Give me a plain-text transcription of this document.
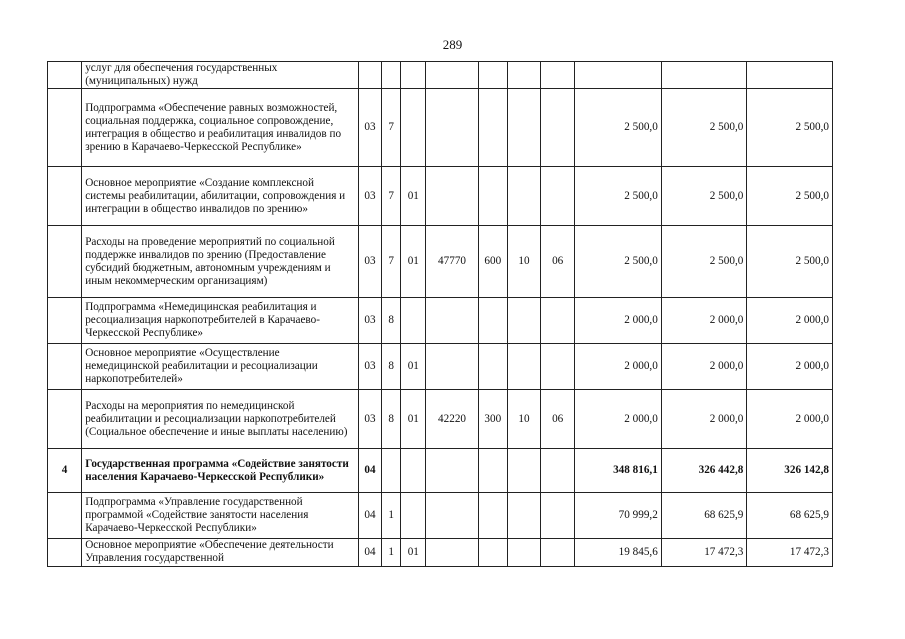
289
	услуг для обеспечения государственных (муниципальных) нужд										
	Подпрограмма «Обеспечение равных возможностей, социальная поддержка, социальное сопровождение, интеграция в общество и реабилитация инвалидов по зрению в Карачаево-Черкесской Республике»	03	7						2 500,0	2 500,0	2 500,0
	Основное мероприятие «Создание комплексной системы реабилитации, абилитации, сопровождения и интеграции в общество инвалидов по зрению»	03	7	01					2 500,0	2 500,0	2 500,0
	Расходы на проведение мероприятий по социальной поддержке инвалидов по зрению (Предоставление субсидий бюджетным, автономным учреждениям и иным некоммерческим организациям)	03	7	01	47770	600	10	06	2 500,0	2 500,0	2 500,0
	Подпрограмма «Немедицинская реабилитация и ресоциализация наркопотребителей в Карачаево-Черкесской Республике»	03	8						2 000,0	2 000,0	2 000,0
	Основное мероприятие «Осуществление немедицинской реабилитации и ресоциализации наркопотребителей»	03	8	01					2 000,0	2 000,0	2 000,0
	Расходы на мероприятия по немедицинской реабилитации и ресоциализации наркопотребителей (Социальное обеспечение и иные выплаты населению)	03	8	01	42220	300	10	06	2 000,0	2 000,0	2 000,0
4	Государственная программа «Содействие занятости населения Карачаево-Черкесской Республики»	04							348 816,1	326 442,8	326 142,8
	Подпрограмма «Управление государственной программой «Содействие занятости населения Карачаево-Черкесской Республики»	04	1						70 999,2	68 625,9	68 625,9
	Основное мероприятие «Обеспечение деятельности Управления государственной	04	1	01					19 845,6	17 472,3	17 472,3
